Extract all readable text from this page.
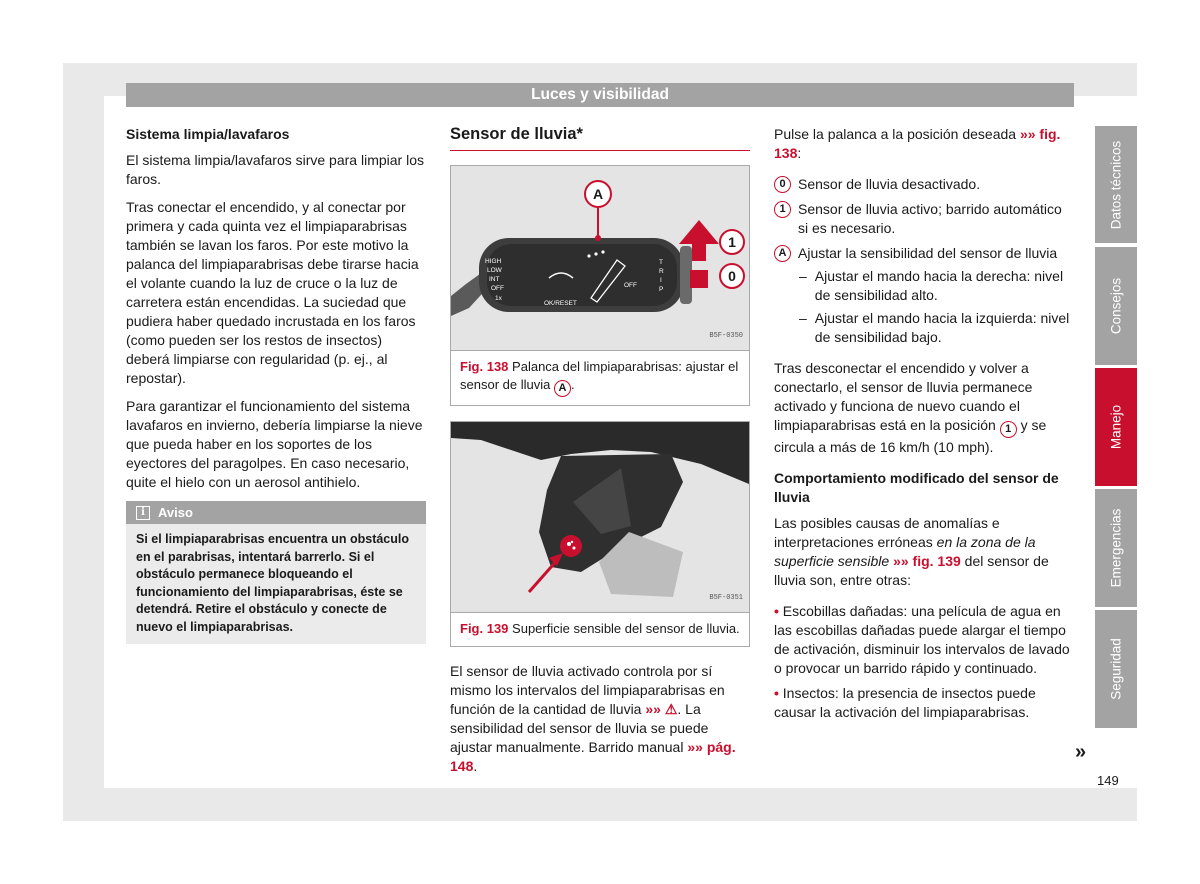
Luces y visibilidad
Sistema limpia/lavafaros

El sistema limpia/lavafaros sirve para limpiar los faros.

Tras conectar el encendido, y al conectar por primera y cada quinta vez el limpiaparabrisas también se lavan los faros. Por este motivo la palanca del limpiaparabrisas debe tirarse hacia el volante cuando la luz de cruce o la luz de carretera están encendidas. La suciedad que pudiera haber quedado incrustada en los faros (como pueden ser los restos de insectos) deberá limpiarse con regularidad (p. ej., al repostar).

Para garantizar el funcionamiento del sistema lavafaros en invierno, debería limpiarse la nieve que pueda haber en los soportes de los eyectores del paragolpes. En caso necesario, quite el hielo con un aerosol antihielo.

i	Aviso
Si el limpiaparabrisas encuentra un obstáculo en el parabrisas, intentará barrerlo. Si el obstáculo permanece bloqueando el funcionamiento del limpiaparabrisas, éste se detendrá. Retire el obstáculo y conecte de nuevo el limpiaparabrisas.
Sensor de lluvia*
HIGH
LOW
INT
OFF
1x
OK/RESET
OFF
T
R
I
P
A
1
0
B5F-0350
Fig. 138 Palanca del limpiaparabrisas: ajustar el sensor de lluvia A .
B5F-0351
Fig. 139 Superficie sensible del sensor de lluvia.

El sensor de lluvia activado controla por sí mismo los intervalos del limpiaparabrisas en función de la cantidad de lluvia »» ⚠. La sensibilidad del sensor de lluvia se puede ajustar manualmente. Barrido manual »» pág. 148.

Pulse la palanca a la posición deseada »» fig. 138:

0 Sensor de lluvia desactivado.
1 Sensor de lluvia activo; barrido automático si es necesario.
A Ajustar la sensibilidad del sensor de lluvia
– Ajustar el mando hacia la derecha: nivel de sensibilidad alto.
– Ajustar el mando hacia la izquierda: nivel de sensibilidad bajo.

Tras desconectar el encendido y volver a conectarlo, el sensor de lluvia permanece activado y funciona de nuevo cuando el limpiaparabrisas está en la posición 1 y se circula a más de 16 km/h (10 mph).

Comportamiento modificado del sensor de lluvia

Las posibles causas de anomalías e interpretaciones erróneas en la zona de la superficie sensible »» fig. 139 del sensor de lluvia son, entre otras:

• Escobillas dañadas: una película de agua en las escobillas dañadas puede alargar el tiempo de activación, disminuir los intervalos de lavado o provocar un barrido rápido y continuado.

• Insectos: la presencia de insectos puede causar la activación del limpiaparabrisas.

»
149
Datos técnicos
Consejos
Manejo
Emergencias
Seguridad
